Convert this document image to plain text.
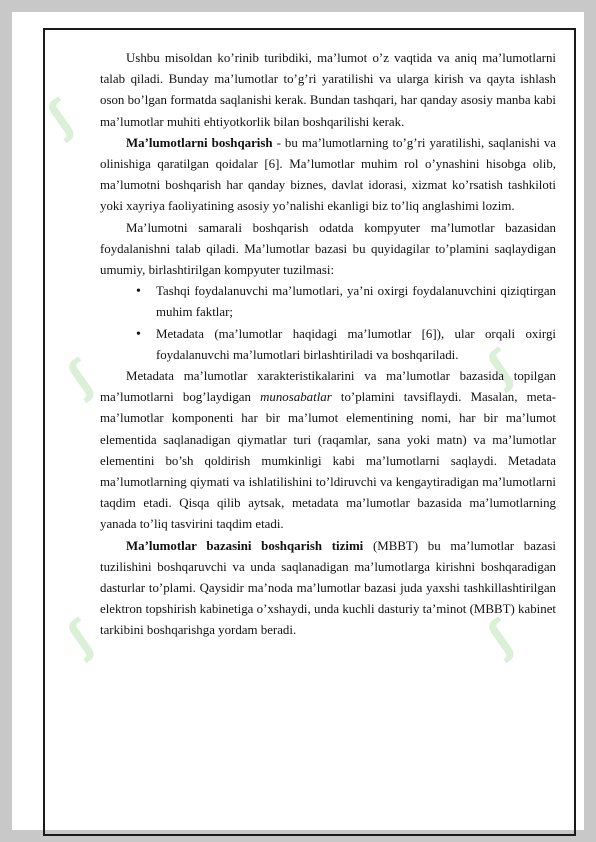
ʃ
ʃ
ʃ
ʃ
ʃ

Ushbu misoldan ko’rinib turibdiki, ma’lumot o’z vaqtida va aniq ma’lumotlarni talab qiladi. Bunday ma’lumotlar to’g’ri yaratilishi va ularga kirish va qayta ishlash oson bo’lgan formatda saqlanishi kerak. Bundan tashqari, har qanday asosiy manba kabi ma’lumotlar muhiti ehtiyotkorlik bilan boshqarilishi kerak.

Ma’lumotlarni boshqarish - bu ma’lumotlarning to’g’ri yaratilishi, saqlanishi va olinishiga qaratilgan qoidalar [6]. Ma’lumotlar muhim rol o’ynashini hisobga olib, ma’lumotni boshqarish har qanday biznes, davlat idorasi, xizmat ko’rsatish tashkiloti yoki xayriya faoliyatining asosiy yo’nalishi ekanligi biz to’liq anglashimi lozim.

Ma’lumotni samarali boshqarish odatda kompyuter ma’lumotlar bazasidan foydalanishni talab qiladi. Ma’lumotlar bazasi bu quyidagilar to’plamini saqlaydigan umumiy, birlashtirilgan kompyuter tuzilmasi:

• Tashqi foydalanuvchi ma’lumotlari, ya’ni oxirgi foydalanuvchini qiziqtirgan muhim faktlar;
• Metadata (ma’lumotlar haqidagi ma’lumotlar [6]), ular orqali oxirgi foydalanuvchi ma’lumotlari birlashtiriladi va boshqariladi.

Metadata ma’lumotlar xarakteristikalarini va ma’lumotlar bazasida topilgan ma’lumotlarni bog’laydigan munosabatlar to’plamini tavsiflaydi. Masalan, meta-ma’lumotlar komponenti har bir ma’lumot elementining nomi, har bir ma’lumot elementida saqlanadigan qiymatlar turi (raqamlar, sana yoki matn) va ma’lumotlar elementini bo’sh qoldirish mumkinligi kabi ma’lumotlarni saqlaydi. Metadata ma’lumotlarning qiymati va ishlatilishini to’ldiruvchi va kengaytiradigan ma’lumotlarni taqdim etadi. Qisqa qilib aytsak, metadata ma’lumotlar bazasida ma’lumotlarning yanada to’liq tasvirini taqdim etadi.

Ma’lumotlar bazasini boshqarish tizimi (MBBT) bu ma’lumotlar bazasi tuzilishini boshqaruvchi va unda saqlanadigan ma’lumotlarga kirishni boshqaradigan dasturlar to’plami. Qaysidir ma’noda ma’lumotlar bazasi juda yaxshi tashkillashtirilgan elektron topshirish kabinetiga o’xshaydi, unda kuchli dasturiy ta’minot (MBBT) kabinet tarkibini boshqarishga yordam beradi.
